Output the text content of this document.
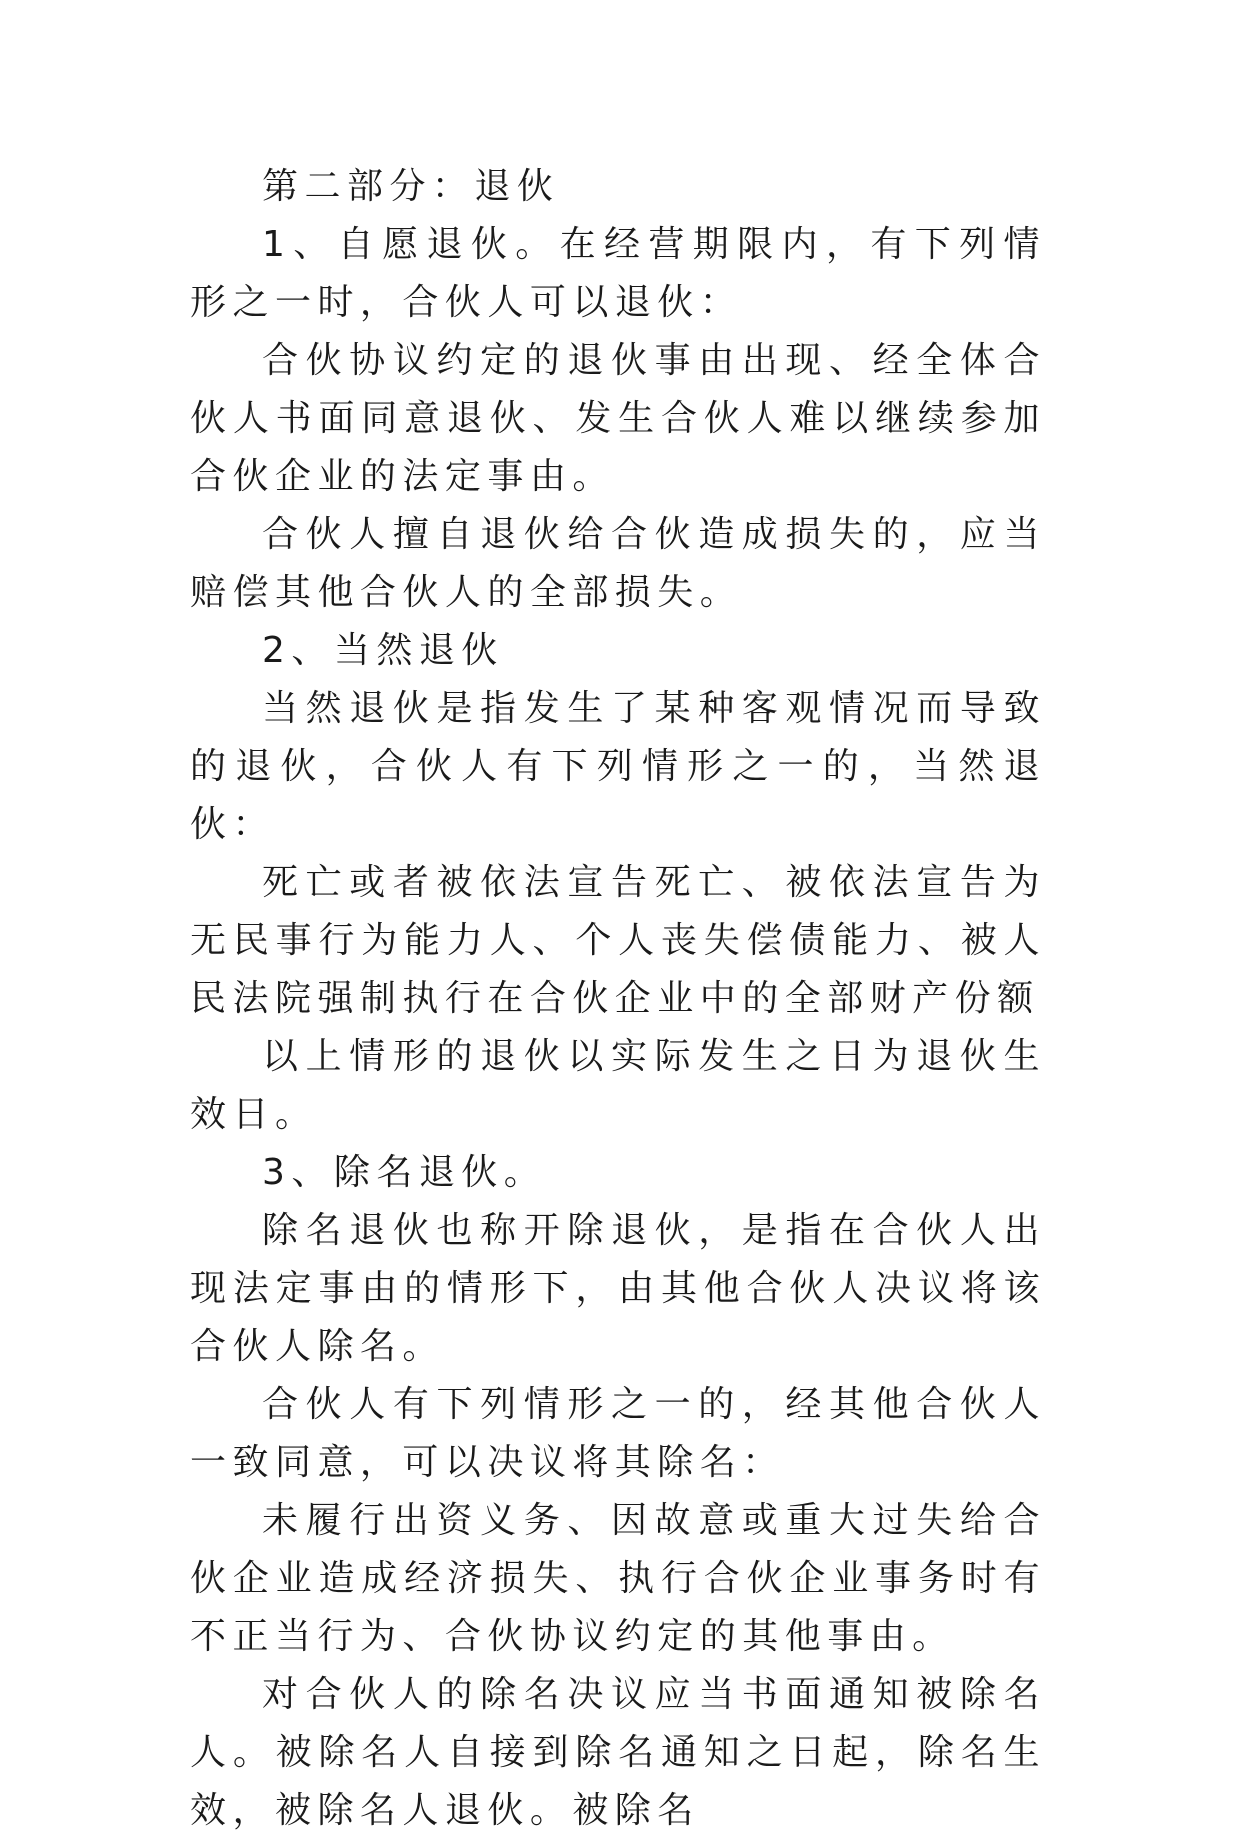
第二部分：退伙

1、自愿退伙。在经营期限内，有下列情形之一时，合伙人可以退伙：

合伙协议约定的退伙事由出现、经全体合伙人书面同意退伙、发生合伙人难以继续参加合伙企业的法定事由。

合伙人擅自退伙给合伙造成损失的，应当赔偿其他合伙人的全部损失。

2、当然退伙

当然退伙是指发生了某种客观情况而导致的退伙，合伙人有下列情形之一的，当然退伙：

死亡或者被依法宣告死亡、被依法宣告为无民事行为能力人、个人丧失偿债能力、被人民法院强制执行在合伙企业中的全部财产份额

以上情形的退伙以实际发生之日为退伙生效日。

3、除名退伙。

除名退伙也称开除退伙，是指在合伙人出现法定事由的情形下，由其他合伙人决议将该合伙人除名。

合伙人有下列情形之一的，经其他合伙人一致同意，可以决议将其除名：

未履行出资义务、因故意或重大过失给合伙企业造成经济损失、执行合伙企业事务时有不正当行为、合伙协议约定的其他事由。

对合伙人的除名决议应当书面通知被除名人。被除名人自接到除名通知之日起，除名生效，被除名人退伙。被除名
